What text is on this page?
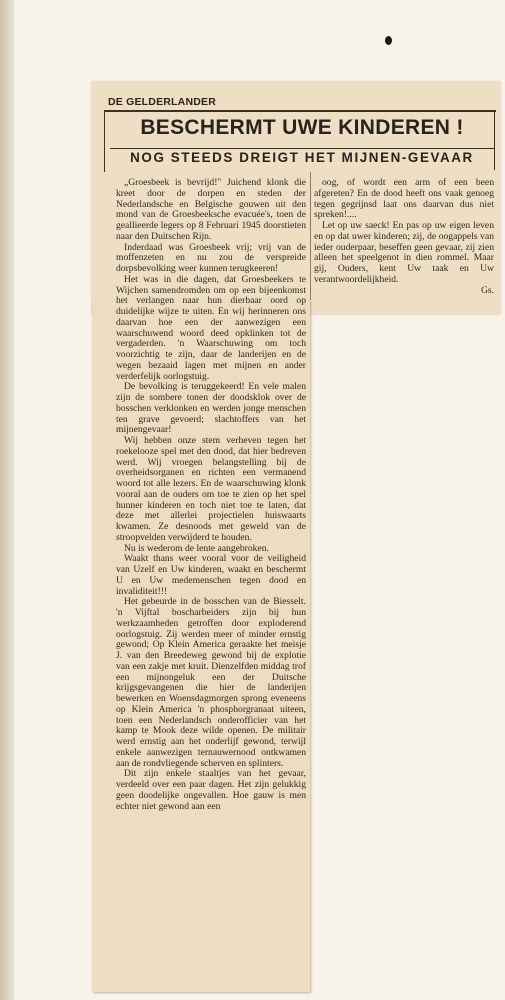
DE GELDERLANDER
BESCHERMT UWE KINDEREN !
NOG STEEDS DREIGT HET MIJNEN-GEVAAR

„Groesbeek is bevrijd!" Juichend klonk die kreet door de dorpen en steden der Nederlandsche en Belgische gouwen uit den mond van de Groesbeeksche evacuée's, toen de geallieerde legers op 8 Februari 1945 doorstieten naar den Duitschen Rijn.

Inderdaad was Groesbeek vrij; vrij van de moffenzeten en nu zou de verspreide dorpsbevolking weer kunnen terugkeeren!

Het was in die dagen, dat Groesbeekers te Wijchen samendromden om op een bijeenkomst het verlangen naar hun dierbaar oord op duidelijke wijze te uiten. En wij herinneren ons daarvan hoe een der aanwezigen een waarschuwend woord deed opklinken tot de vergaderden. 'n Waarschuwing om toch voorzichtig te zijn, daar de landerijen en de wegen bezaaid lagen met mijnen en ander verderfelijk oorlogstuig.

De bevolking is teruggekeerd! En vele malen zijn de sombere tonen der doodsklok over de bosschen verklonken en werden jonge menschen ten grave gevoerd; slachtoffers van het mijnengevaar!

Wij hebben onze stem verheven tegen het roekelooze spel met den dood, dat hier bedreven werd. Wij vroegen belangstelling bij de overheidsorganen en richten een vermanend woord tot alle lezers. En de waarschuwing klonk vooral aan de ouders om toe te zien op het spel hunner kinderen en toch niet toe te laten, dat deze met allerlei projectielen huiswaarts kwamen. Ze desnoods met geweld van de stroopvelden verwijderd te houden.

Nu is wederom de lente aangebroken.

Waakt thans weer vooral voor de veiligheid van Uzelf en Uw kinderen, waakt en beschermt U en Uw medemenschen tegen dood en invaliditeit!!!

Het gebeurde in de bosschen van de Biesselt. 'n Vijftal boscharbeiders zijn bij hun werkzaamheden getroffen door exploderend oorlogstuig. Zij werden meer of minder ernstig gewond; Op Klein America geraakte het meisje J. van den Breedeweg gewond bij de explotie van een zakje met kruit. Dienzelfden middag trof een mijnongeluk een der Duitsche krijgsgevangenen die hier de landerijen bewerken en Woensdagmorgen sprong eveneens op Klein America 'n phosphorgranaat uiteen, toen een Nederlandsch onderofficier van het kamp te Mook deze wilde openen. De militair werd ernstig aan het onderlijf gewond, terwijl enkele aanwezigen ternauwernood ontkwamen aan de rondvliegende scherven en splinters.

Dit zijn enkele staaltjes van het gevaar, verdeeld over een paar dagen. Het zijn gelukkig geen doodelijke ongevallen. Hoe gauw is men echter niet gewond aan een

oog, of wordt een arm of een been afgereten? En de dood heeft ons vaak genoeg tegen gegrijnsd laat ons daarvan dus niet spreken!....

Let op uw saeck! En pas op uw eigen leven en op dat uwer kinderen; zij, de oogappels van ieder ouderpaar, beseffen geen gevaar, zij zien alleen het speelgenot in dien rommel. Maar gij, Ouders, kent Uw taak en Uw verantwoordelijkheid.

Gs.
